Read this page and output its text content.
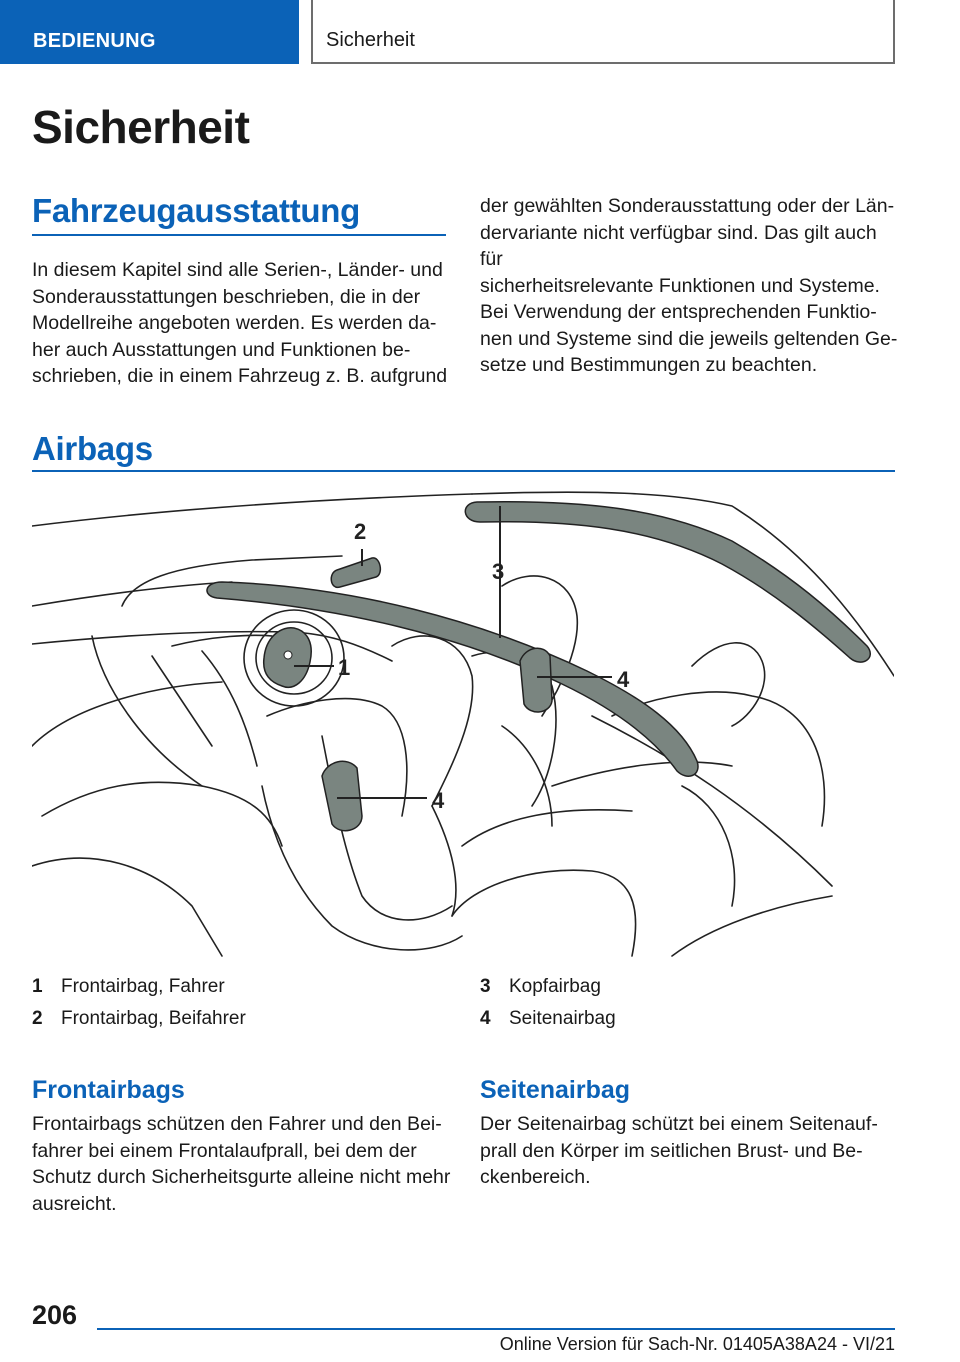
BEDIENUNG	Sicherheit
Sicherheit
Fahrzeugausstattung

In diesem Kapitel sind alle Serien-, Länder- und
Sonderausstattungen beschrieben, die in der
Modellreihe angeboten werden. Es werden da-
her auch Ausstattungen und Funktionen be-
schrieben, die in einem Fahrzeug z. B. aufgrund

der gewählten Sonderausstattung oder der Län-
dervariante nicht verfügbar sind. Das gilt auch für
sicherheitsrelevante Funktionen und Systeme.
Bei Verwendung der entsprechenden Funktio-
nen und Systeme sind die jeweils geltenden Ge-
setze und Bestimmungen zu beachten.

Airbags
2
3
1	4
4
1 Frontairbag, Fahrer
2 Frontairbag, Beifahrer
3 Kopfairbag
4 Seitenairbag
Frontairbags

Frontairbags schützen den Fahrer und den Bei-
fahrer bei einem Frontalaufprall, bei dem der
Schutz durch Sicherheitsgurte alleine nicht mehr
ausreicht.

Seitenairbag

Der Seitenairbag schützt bei einem Seitenauf-
prall den Körper im seitlichen Brust- und Be-
ckenbereich.

206
Online Version für Sach-Nr. 01405A38A24 - VI/21
